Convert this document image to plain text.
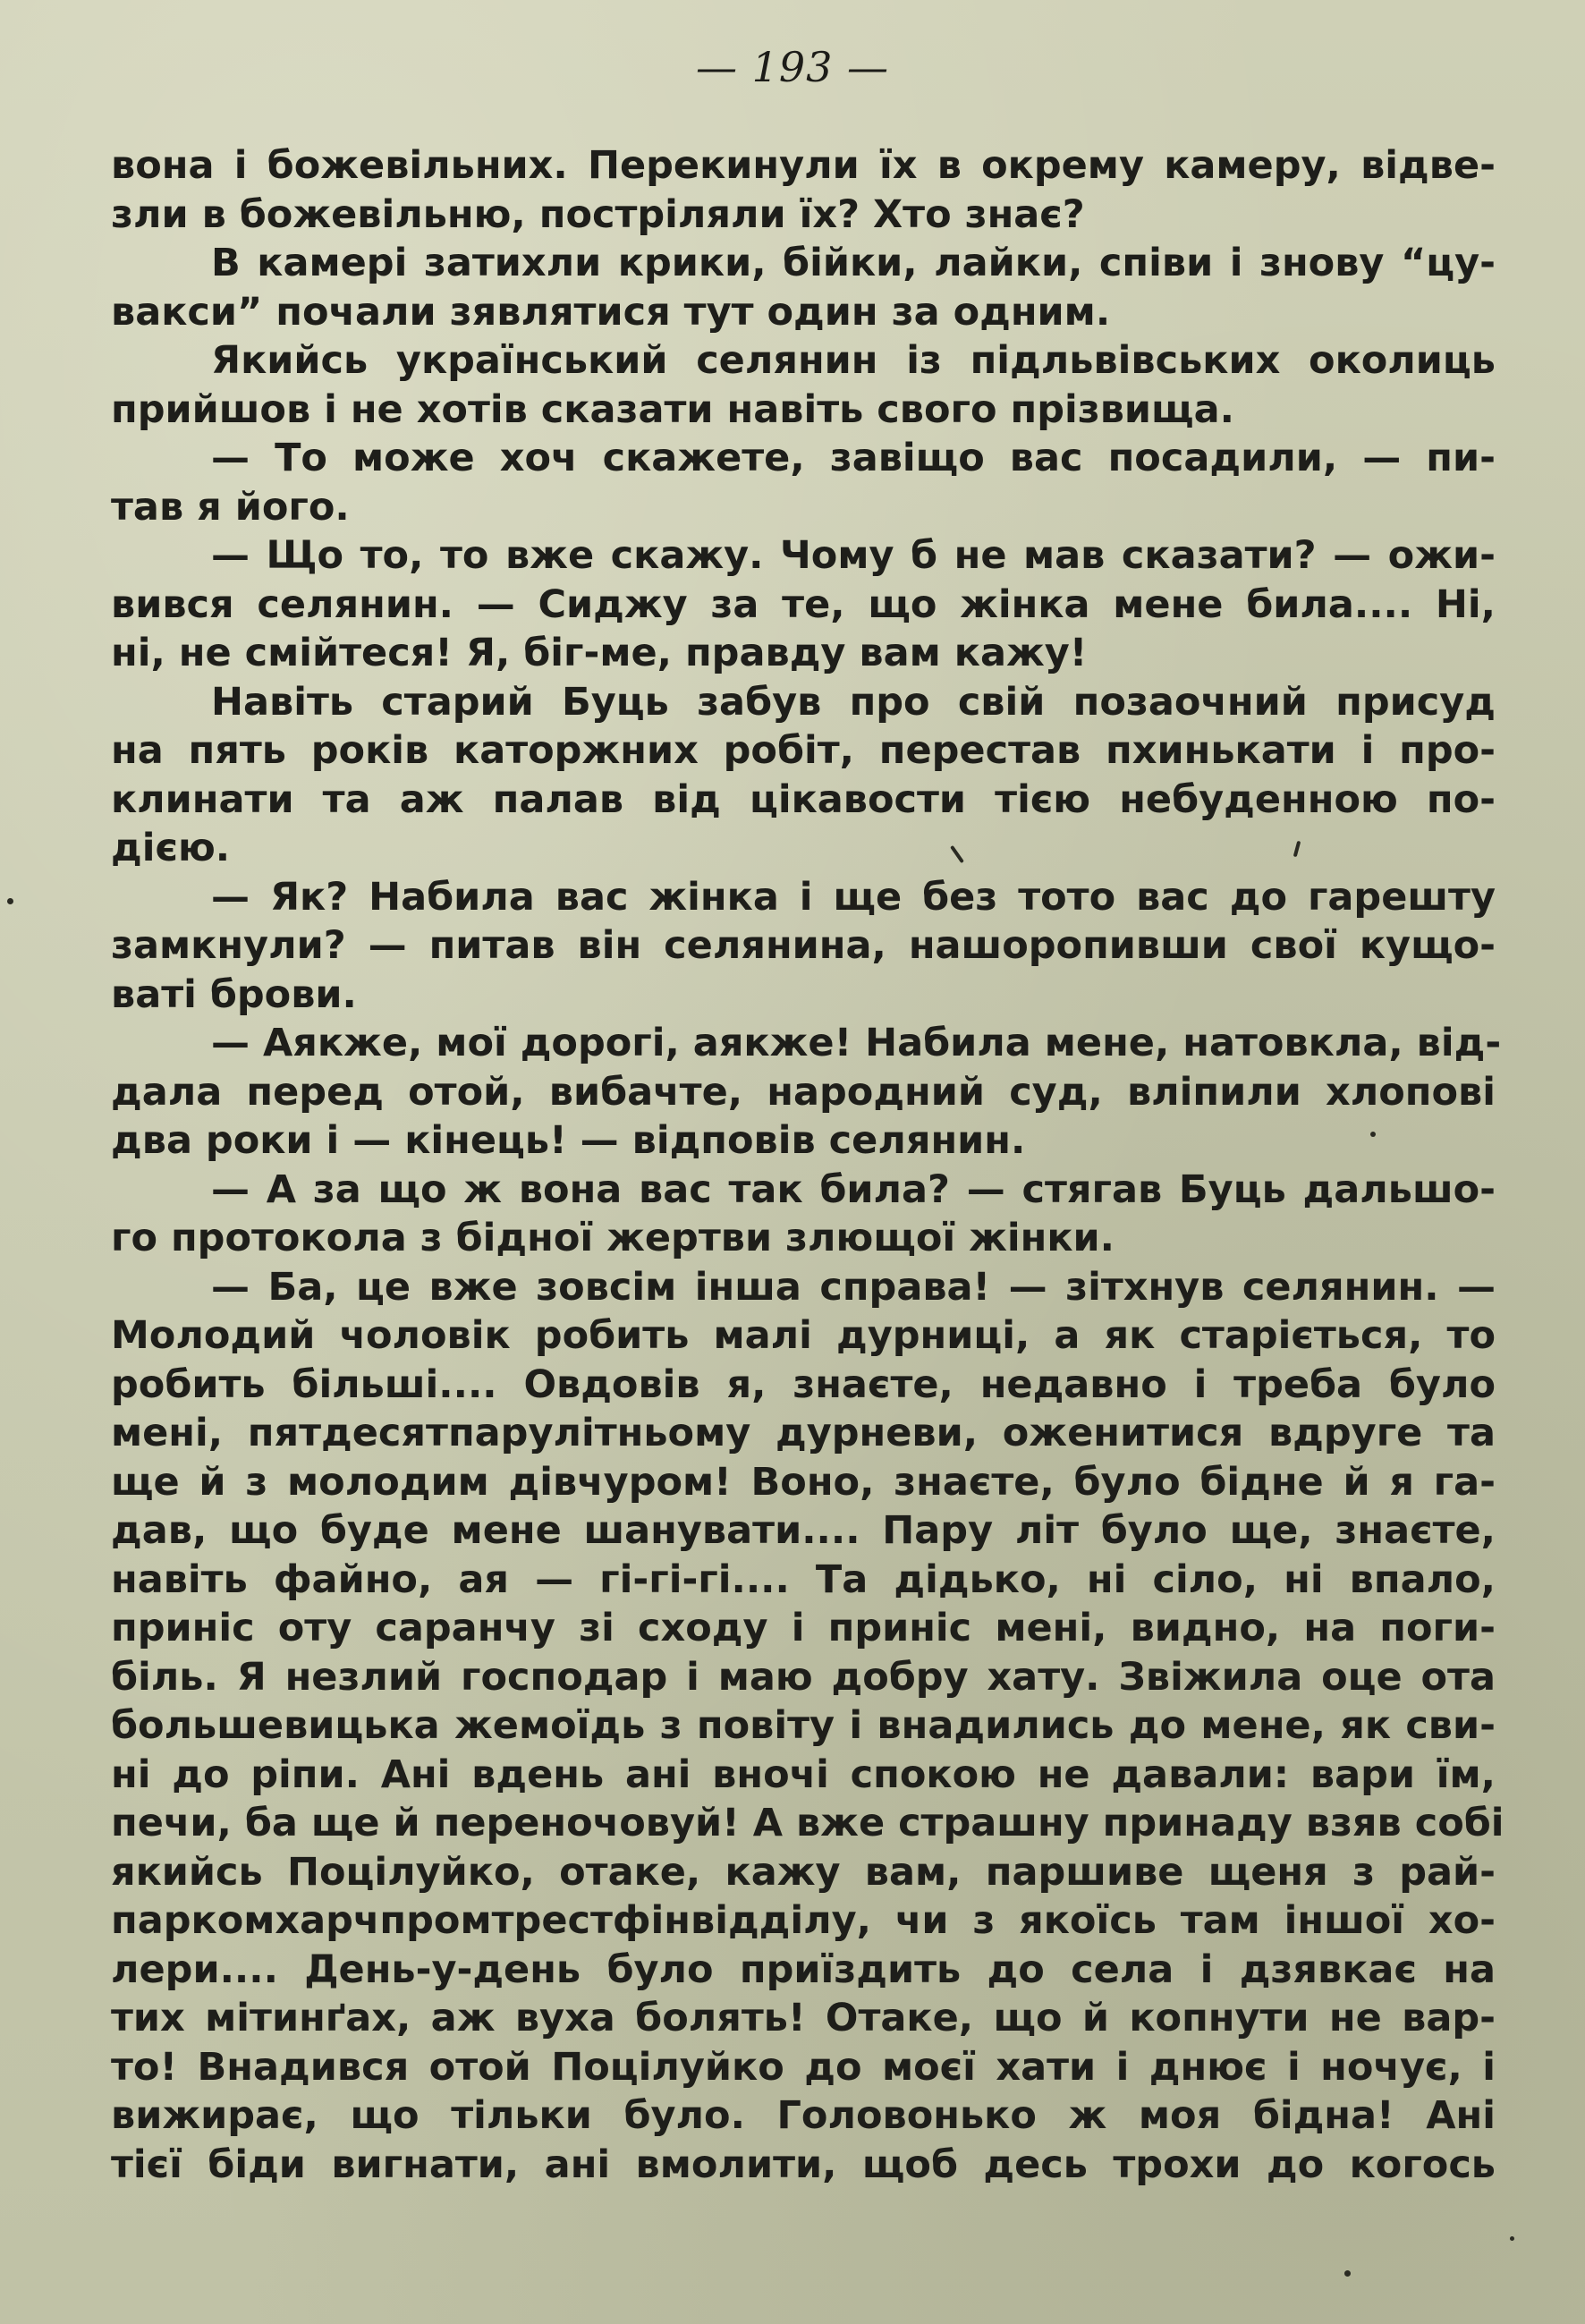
— 193 —
вона і божевільних. Перекинули їх в окрему камеру, відве-
зли в божевільню, постріляли їх? Хто знає?
В камері затихли крики, бійки, лайки, співи і знову “цу-
вакси” почали зявлятися тут один за одним.
Якийсь український селянин із підльвівських околиць
прийшов і не хотів сказати навіть свого прізвища.
— То може хоч скажете, завіщо вас посадили, — пи-
тав я його.
— Що то, то вже скажу. Чому б не мав сказати? — ожи-
вився селянин. — Сиджу за те, що жінка мене била.... Ні,
ні, не смійтеся! Я, біг-ме, правду вам кажу!
Навіть старий Буць забув про свій позаочний присуд
на пять років каторжних робіт, перестав пхинькати і про-
клинати та аж палав від цікавости тією небуденною по-
дією.
— Як? Набила вас жінка і ще без тото вас до гарешту
замкнули? — питав він селянина, нашоропивши свої кущо-
ваті брови.
— Аякже, мої дорогі, аякже! Набила мене, натовкла, від-
дала перед отой, вибачте, народний суд, вліпили хлопові
два роки і — кінець! — відповів селянин.
— А за що ж вона вас так била? — стягав Буць дальшо-
го протокола з бідної жертви злющої жінки.
— Ба, це вже зовсім інша справа! — зітхнув селянин. —
Молодий чоловік робить малі дурниці, а як старіється, то
робить більші.... Овдовів я, знаєте, недавно і треба було
мені, пятдесятпарулітньому дурневи, оженитися вдруге та
ще й з молодим дівчуром! Воно, знаєте, було бідне й я га-
дав, що буде мене шанувати.... Пару літ було ще, знаєте,
навіть файно, ая — гі-гі-гі.... Та дідько, ні сіло, ні впало,
приніс оту саранчу зі сходу і приніс мені, видно, на поги-
біль. Я незлий господар і маю добру хату. Звіжила оце ота
большевицька жемоїдь з повіту і внадились до мене, як сви-
ні до ріпи. Ані вдень ані вночі спокою не давали: вари їм,
печи, ба ще й переночовуй! А вже страшну принаду взяв собі
якийсь Поцілуйко, отаке, кажу вам, паршиве щеня з рай-
паркомхарчпромтрестфінвідділу, чи з якоїсь там іншої хо-
лери.... День-у-день було приїздить до села і дзявкає на
тих мітинґах, аж вуха болять! Отаке, що й копнути не вар-
то! Внадився отой Поцілуйко до моєї хати і днює і ночує, і
вижирає, що тільки було. Головонько ж моя бідна! Ані
тієї біди вигнати, ані вмолити, щоб десь трохи до когось
